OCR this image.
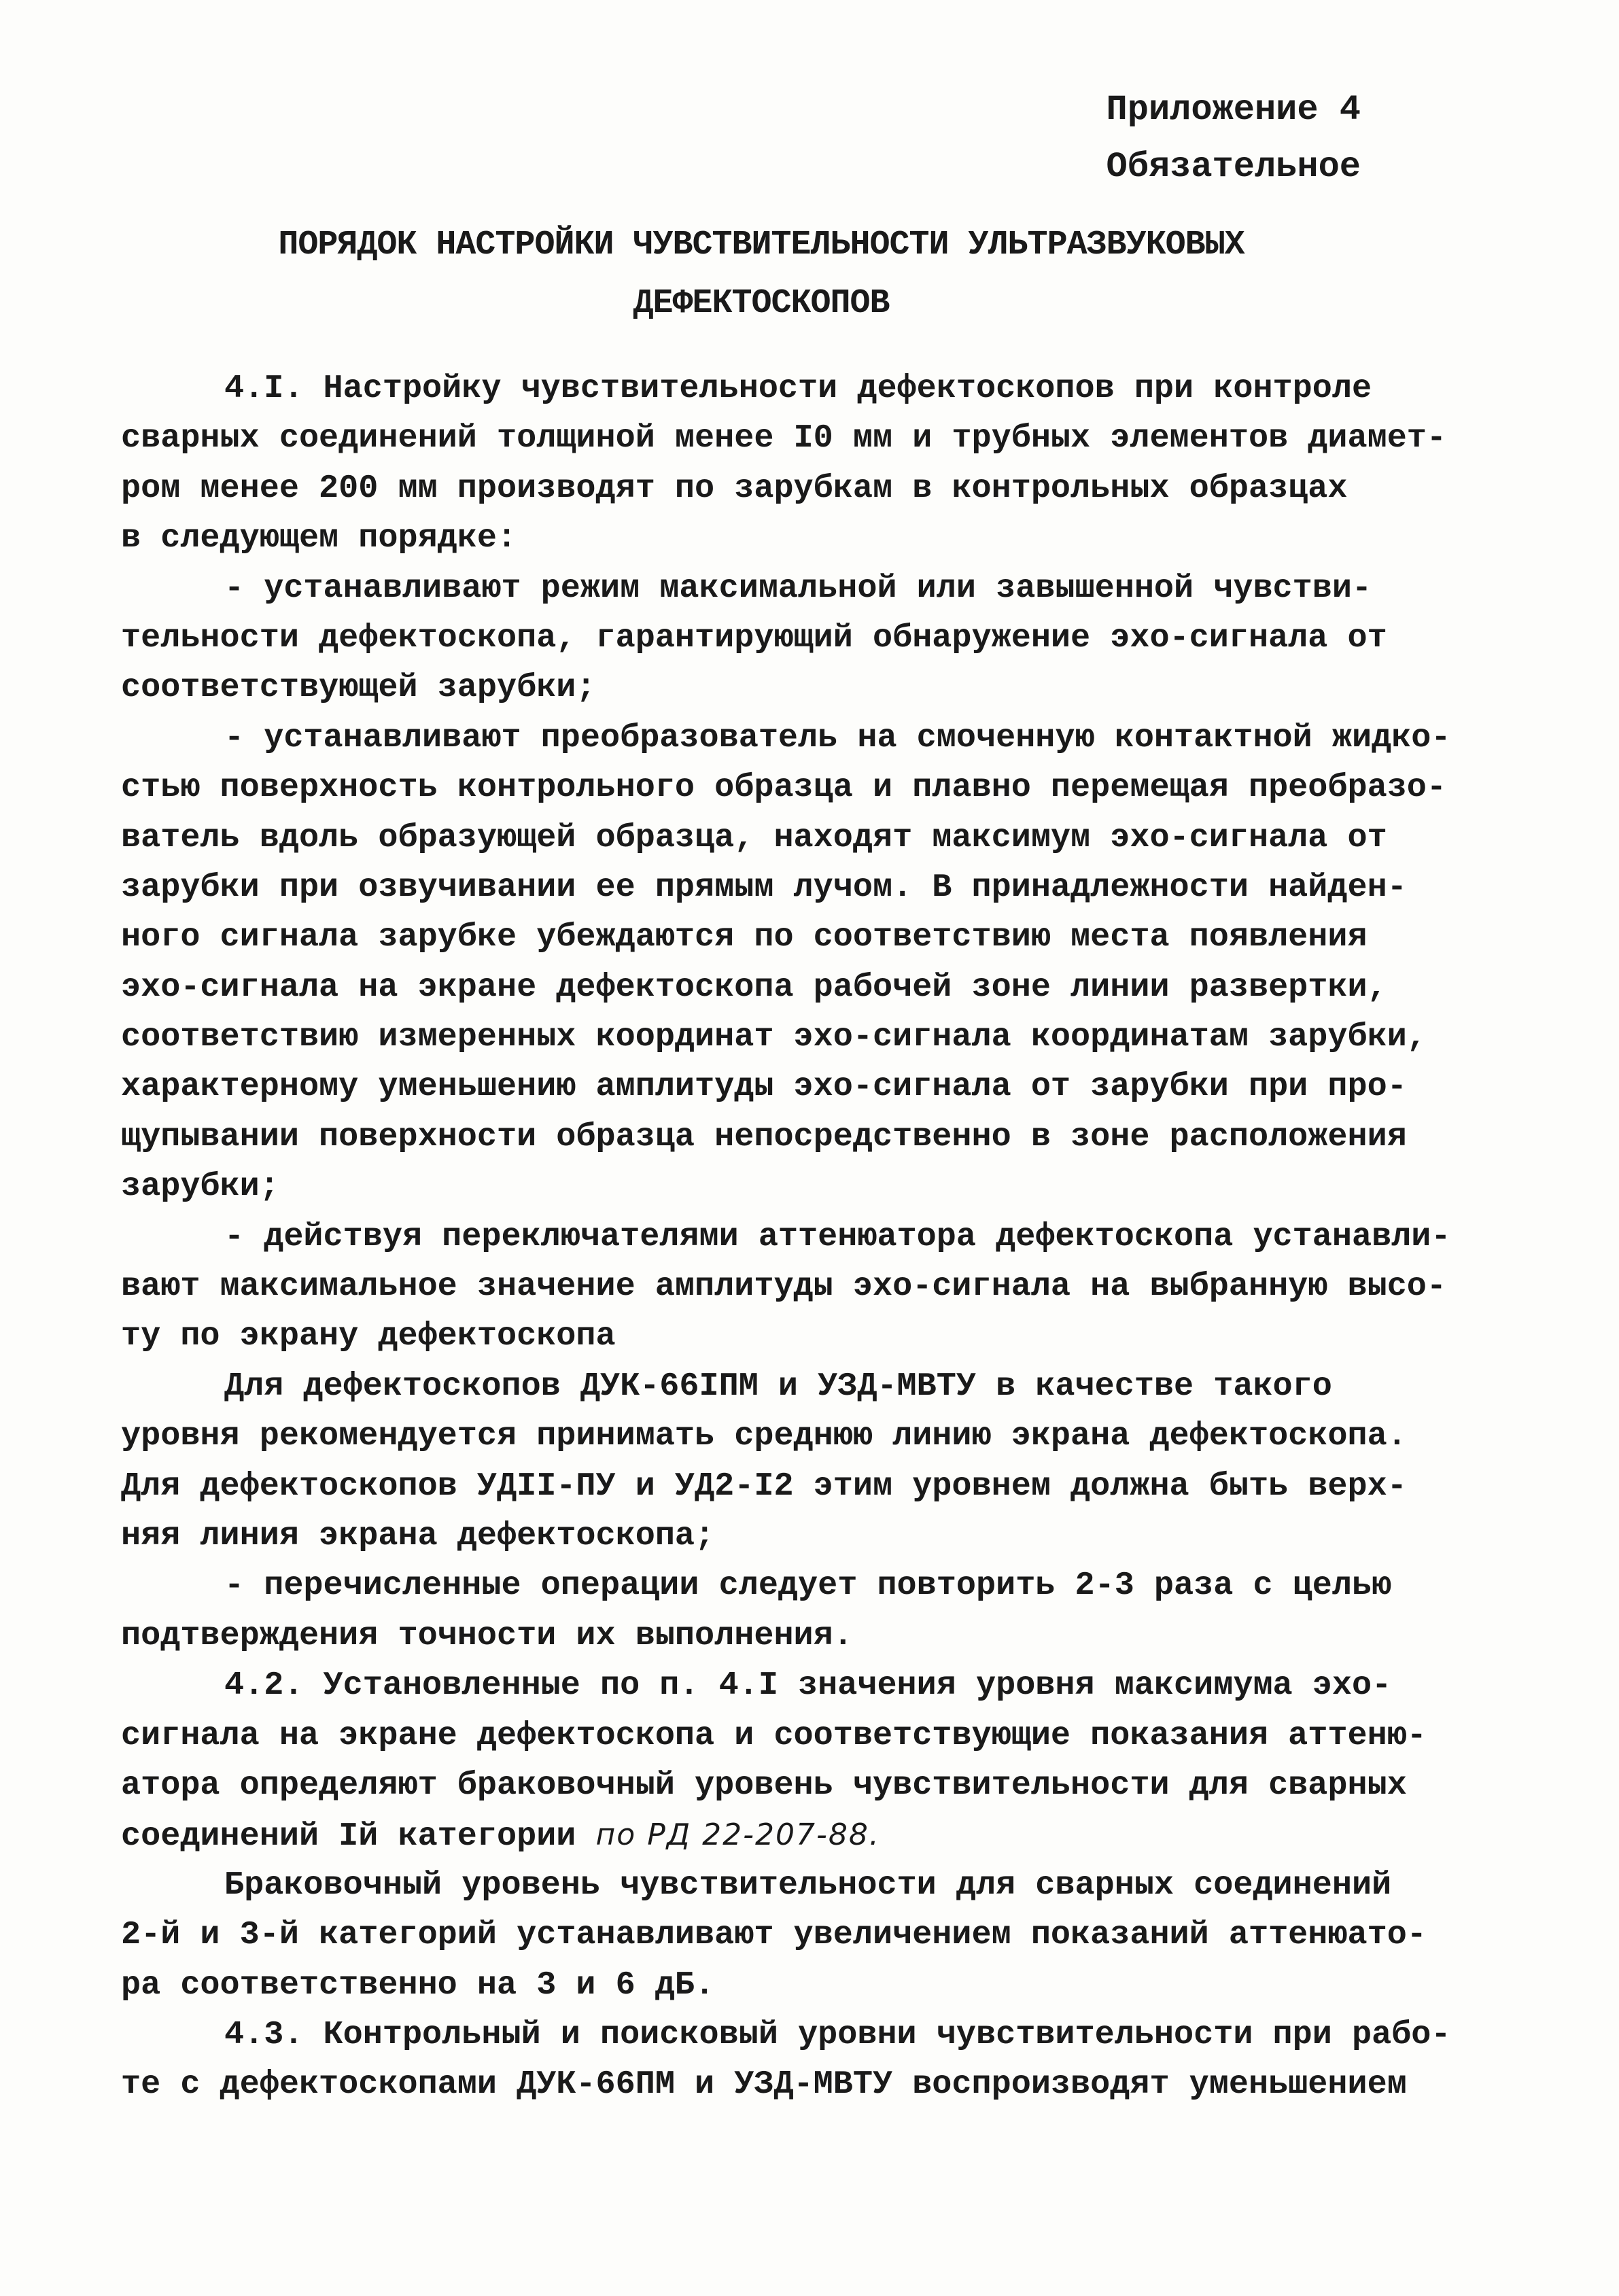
Приложение 4
Обязательное
ПОРЯДОК НАСТРОЙКИ ЧУВСТВИТЕЛЬНОСТИ УЛЬТРАЗВУКОВЫХ
ДЕФЕКТОСКОПОВ
4.I. Настройку чувствительности дефектоскопов при контроле
сварных соединений толщиной менее I0 мм и трубных элементов диамет-
ром менее 200 мм производят по зарубкам в контрольных образцах
в следующем порядке:
- устанавливают режим максимальной или завышенной чувстви-
тельности дефектоскопа, гарантирующий обнаружение эхо-сигнала от
соответствующей зарубки;
- устанавливают преобразователь на смоченную контактной жидко-
стью поверхность контрольного образца и плавно перемещая преобразо-
ватель вдоль образующей образца, находят максимум эхо-сигнала от
зарубки при озвучивании ее прямым лучом. В принадлежности найден-
ного сигнала зарубке убеждаются по соответствию места появления
эхо-сигнала на экране дефектоскопа рабочей зоне линии развертки,
соответствию измеренных координат эхо-сигнала координатам зарубки,
характерному уменьшению амплитуды эхо-сигнала от зарубки при про-
щупывании поверхности образца непосредственно в зоне расположения
зарубки;
- действуя переключателями аттенюатора дефектоскопа устанавли-
вают максимальное значение амплитуды эхо-сигнала на выбранную высо-
ту по экрану дефектоскопа
Для дефектоскопов ДУК-66IПМ и УЗД-МВТУ в качестве такого
уровня рекомендуется принимать среднюю линию экрана дефектоскопа.
Для дефектоскопов УДII-ПУ и УД2-I2 этим уровнем должна быть верх-
няя линия экрана дефектоскопа;
- перечисленные операции следует повторить 2-3 раза с целью
подтверждения точности их выполнения.
4.2. Установленные по п. 4.I значения уровня максимума эхо-
сигнала на экране дефектоскопа и соответствующие показания аттеню-
атора определяют браковочный уровень чувствительности для сварных
соединений Iй категории по РД 22-207-88.
Браковочный уровень чувствительности для сварных соединений
2-й и 3-й категорий устанавливают увеличением показаний аттенюато-
ра соответственно на 3 и 6 дБ.
4.3. Контрольный и поисковый уровни чувствительности при рабо-
те с дефектоскопами ДУК-66ПМ и УЗД-МВТУ воспроизводят уменьшением
